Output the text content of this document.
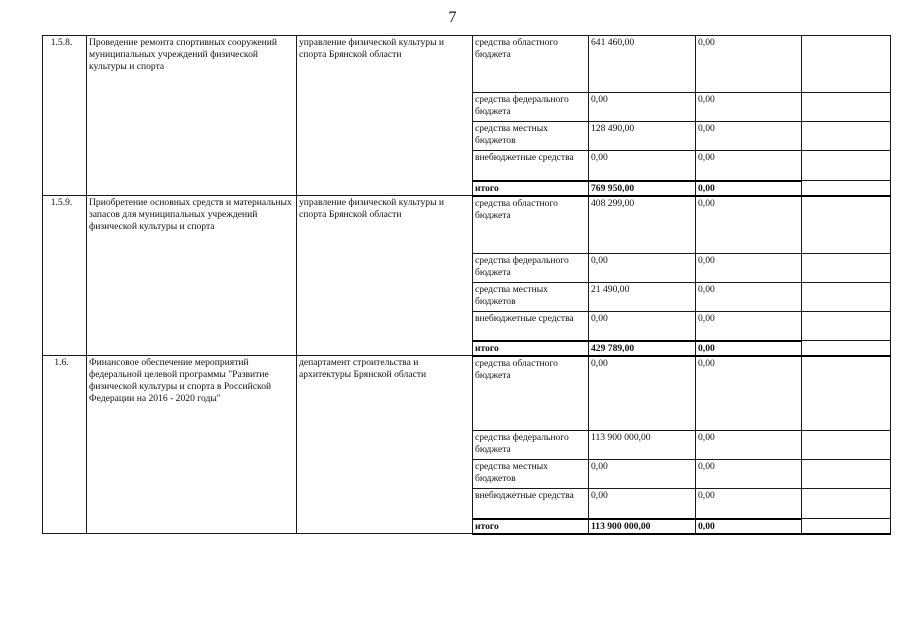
7
1.5.8.	Проведение ремонта спортивных сооружений муниципальных учреждений физической культуры и спорта	управление физической культуры и спорта Брянской области	средства областного бюджета	641 460,00	0,00	
			средства федерального бюджета	0,00	0,00	
			средства местных бюджетов	128 490,00	0,00	
			внебюджетные средства	0,00	0,00	
			итого	769 950,00	0,00	
1.5.9.	Приобретение основных средств и материальных запасов для муниципальных учреждений физической культуры и спорта	управление физической культуры и спорта Брянской области	средства областного бюджета	408 299,00	0,00	
			средства федерального бюджета	0,00	0,00	
			средства местных бюджетов	21 490,00	0,00	
			внебюджетные средства	0,00	0,00	
			итого	429 789,00	0,00	
1.6.	Финансовое обеспечение мероприятий федеральной целевой программы "Развитие физической культуры и спорта в Российской Федерации на 2016 - 2020 годы"	департамент строительства и архитектуры Брянской области	средства областного бюджета	0,00	0,00	
			средства федерального бюджета	113 900 000,00	0,00	
			средства местных бюджетов	0,00	0,00	
			внебюджетные средства	0,00	0,00	
			итого	113 900 000,00	0,00	
